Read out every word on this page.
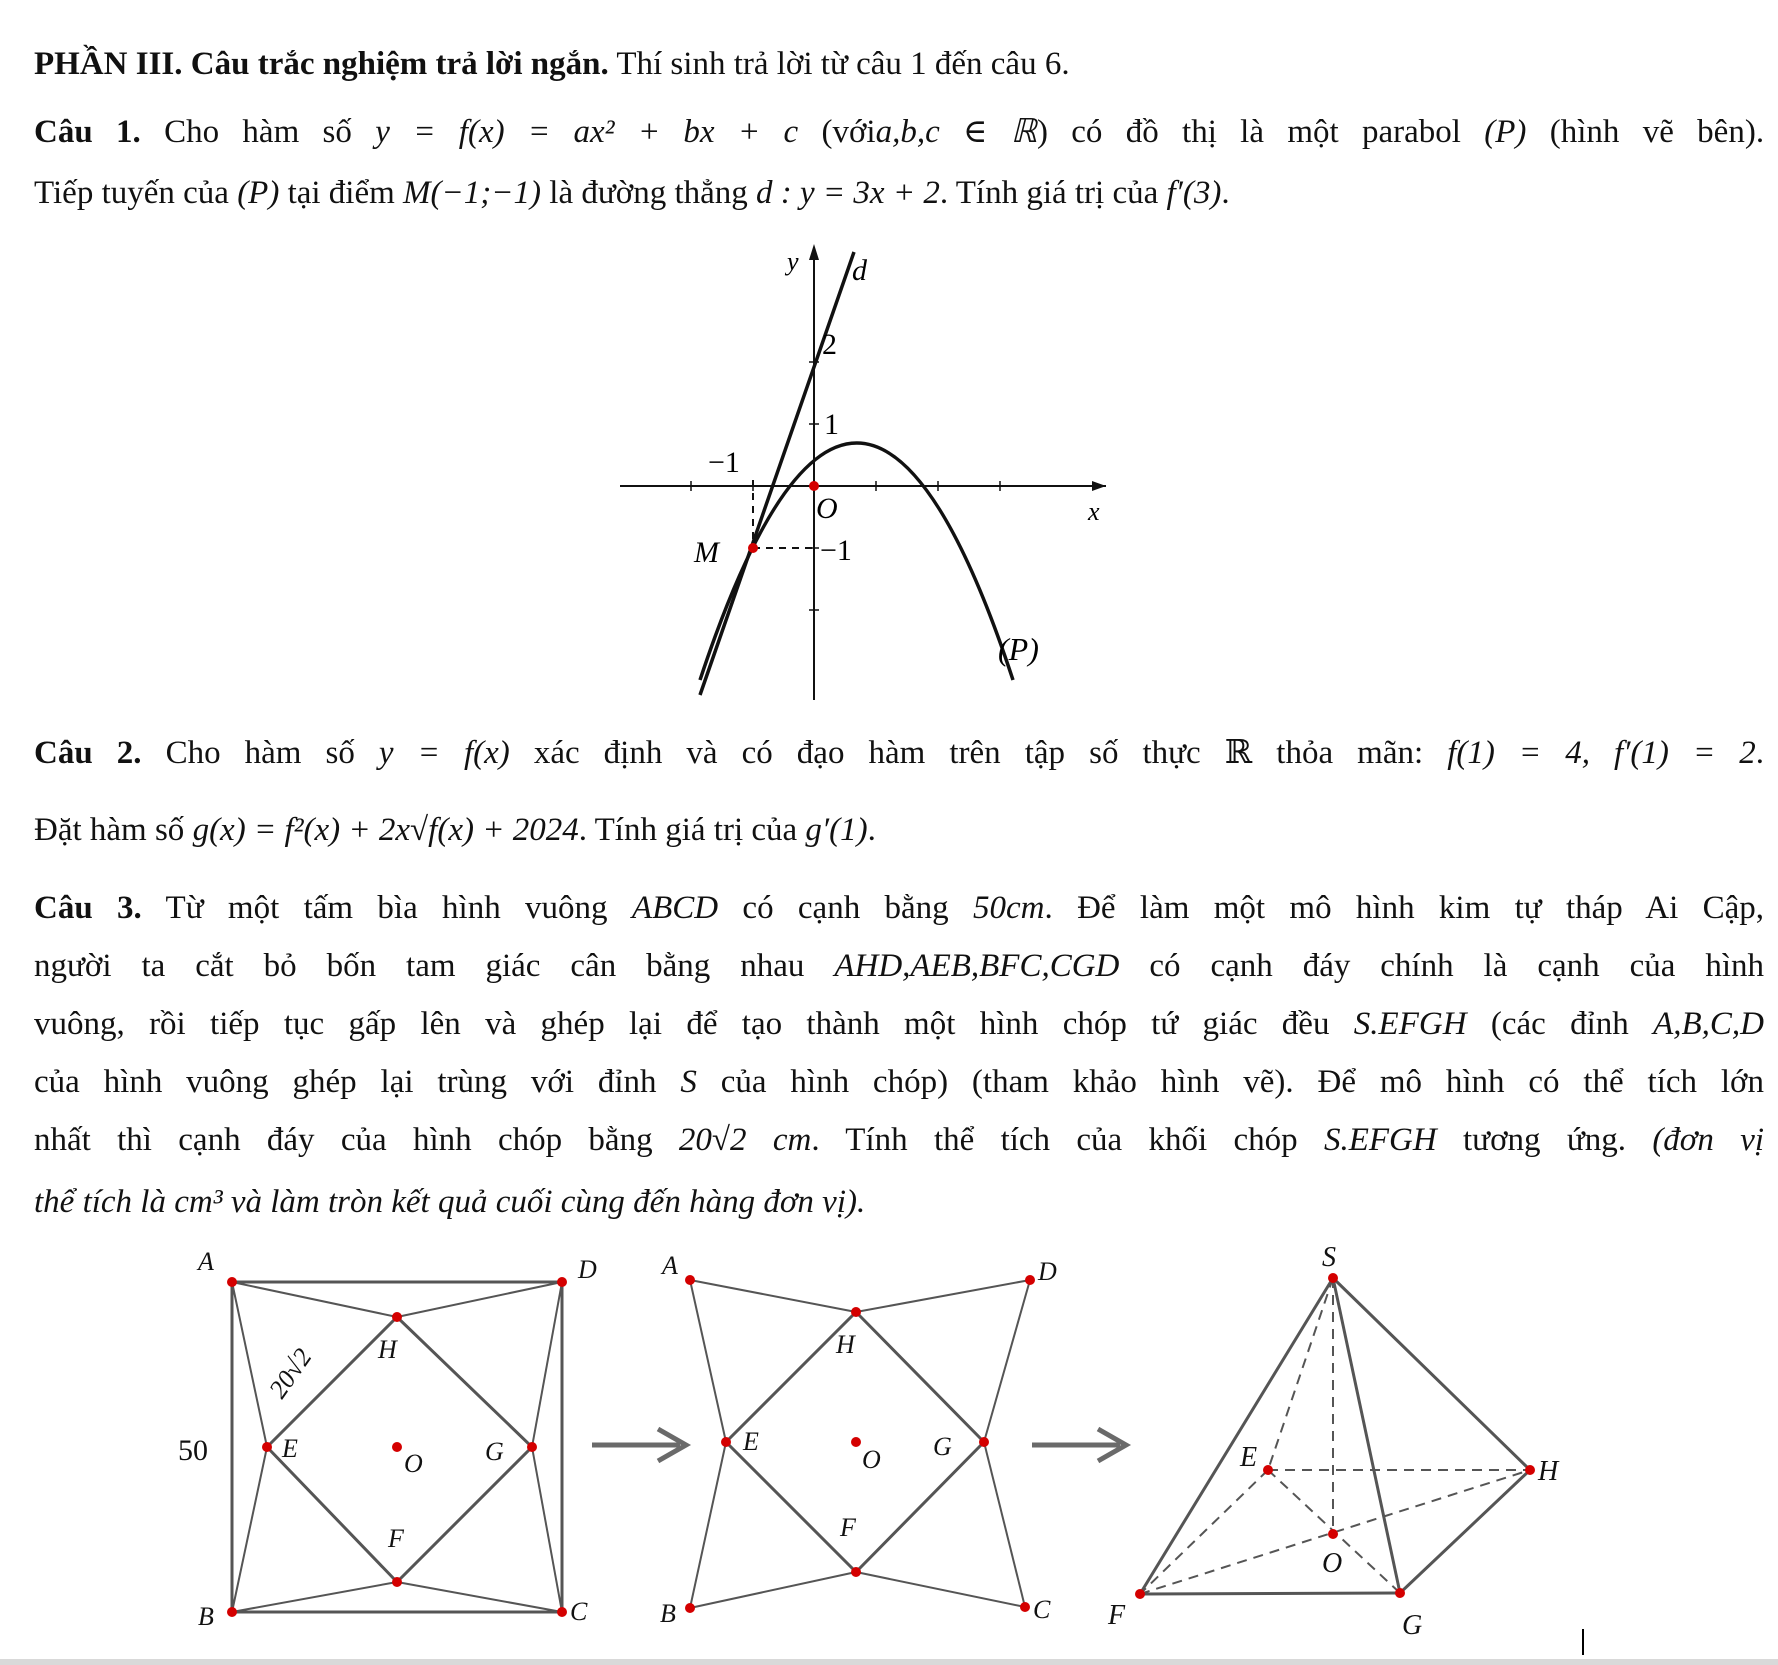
PHẦN III. Câu trắc nghiệm trả lời ngắn. Thí sinh trả lời từ câu 1 đến câu 6.
Câu 1. Cho hàm số y = f(x) = ax² + bx + c (vớia,b,c ∈ ℝ) có đồ thị là một parabol (P) (hình vẽ bên).
Tiếp tuyến của (P) tại điểm M(−1;−1) là đường thẳng d : y = 3x + 2. Tính giá trị của f′(3).
y
x
d
2
1
O
−1
−1
M
(P)
Câu 2. Cho hàm số y = f(x) xác định và có đạo hàm trên tập số thực ℝ thỏa mãn: f(1) = 4, f′(1) = 2.
Đặt hàm số g(x) = f²(x) + 2x√f(x) + 2024. Tính giá trị của g′(1).
Câu 3. Từ một tấm bìa hình vuông ABCD có cạnh bằng 50cm. Để làm một mô hình kim tự tháp Ai Cập,
người ta cắt bỏ bốn tam giác cân bằng nhau AHD,AEB,BFC,CGD có cạnh đáy chính là cạnh của hình
vuông, rồi tiếp tục gấp lên và ghép lại để tạo thành một hình chóp tứ giác đều S.EFGH (các đỉnh A,B,C,D
của hình vuông ghép lại trùng với đỉnh S của hình chóp) (tham khảo hình vẽ). Để mô hình có thể tích lớn
nhất thì cạnh đáy của hình chóp bằng 20√2 cm. Tính thể tích của khối chóp S.EFGH tương ứng. (đơn vị
thể tích là cm³ và làm tròn kết quả cuối cùng đến hàng đơn vị).
A	D
B	C
H
E	G
F
O
50
20√2
A	D
B	C
H
E	G
F
O
S
E	H
O
F	G
